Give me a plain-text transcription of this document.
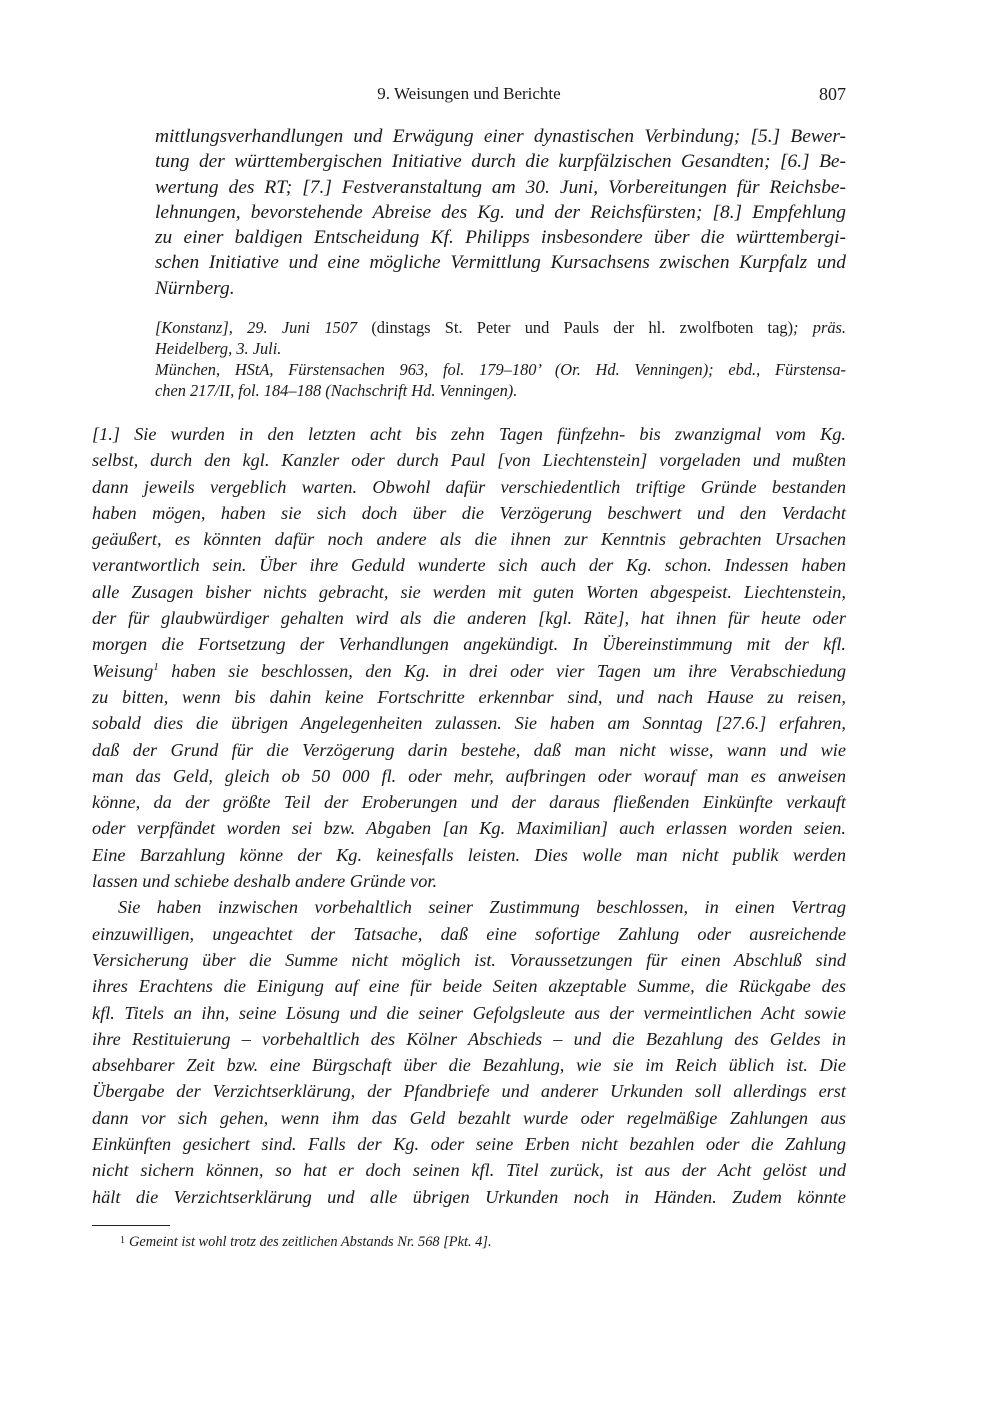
9. Weisungen und Berichte	807
mittlungsverhandlungen und Erwägung einer dynastischen Verbindung; [5.] Bewer-
tung der württembergischen Initiative durch die kurpfälzischen Gesandten; [6.] Be-
wertung des RT; [7.] Festveranstaltung am 30. Juni, Vorbereitungen für Reichsbe-
lehnungen, bevorstehende Abreise des Kg. und der Reichsfürsten; [8.] Empfehlung
zu einer baldigen Entscheidung Kf. Philipps insbesondere über die württembergi-
schen Initiative und eine mögliche Vermittlung Kursachsens zwischen Kurpfalz und
Nürnberg.
[Konstanz], 29. Juni 1507 (dinstags St. Peter und Pauls der hl. zwolfboten tag); präs.
Heidelberg, 3. Juli.
München, HStA, Fürstensachen 963, fol. 179–180’ (Or. Hd. Venningen); ebd., Fürstensa-
chen 217/II, fol. 184–188 (Nachschrift Hd. Venningen).
[1.] Sie wurden in den letzten acht bis zehn Tagen fünfzehn- bis zwanzigmal vom Kg.
selbst, durch den kgl. Kanzler oder durch Paul [von Liechtenstein] vorgeladen und mußten
dann jeweils vergeblich warten. Obwohl dafür verschiedentlich triftige Gründe bestanden
haben mögen, haben sie sich doch über die Verzögerung beschwert und den Verdacht
geäußert, es könnten dafür noch andere als die ihnen zur Kenntnis gebrachten Ursachen
verantwortlich sein. Über ihre Geduld wunderte sich auch der Kg. schon. Indessen haben
alle Zusagen bisher nichts gebracht, sie werden mit guten Worten abgespeist. Liechtenstein,
der für glaubwürdiger gehalten wird als die anderen [kgl. Räte], hat ihnen für heute oder
morgen die Fortsetzung der Verhandlungen angekündigt. In Übereinstimmung mit der kfl.
Weisung$^1$ haben sie beschlossen, den Kg. in drei oder vier Tagen um ihre Verabschiedung
zu bitten, wenn bis dahin keine Fortschritte erkennbar sind, und nach Hause zu reisen,
sobald dies die übrigen Angelegenheiten zulassen. Sie haben am Sonntag [27.6.] erfahren,
daß der Grund für die Verzögerung darin bestehe, daß man nicht wisse, wann und wie
man das Geld, gleich ob 50 000 fl. oder mehr, aufbringen oder worauf man es anweisen
könne, da der größte Teil der Eroberungen und der daraus fließenden Einkünfte verkauft
oder verpfändet worden sei bzw. Abgaben [an Kg. Maximilian] auch erlassen worden seien.
Eine Barzahlung könne der Kg. keinesfalls leisten. Dies wolle man nicht publik werden
lassen und schiebe deshalb andere Gründe vor.
Sie haben inzwischen vorbehaltlich seiner Zustimmung beschlossen, in einen Vertrag
einzuwilligen, ungeachtet der Tatsache, daß eine sofortige Zahlung oder ausreichende
Versicherung über die Summe nicht möglich ist. Voraussetzungen für einen Abschluß sind
ihres Erachtens die Einigung auf eine für beide Seiten akzeptable Summe, die Rückgabe des
kfl. Titels an ihn, seine Lösung und die seiner Gefolgsleute aus der vermeintlichen Acht sowie
ihre Restituierung – vorbehaltlich des Kölner Abschieds – und die Bezahlung des Geldes in
absehbarer Zeit bzw. eine Bürgschaft über die Bezahlung, wie sie im Reich üblich ist. Die
Übergabe der Verzichtserklärung, der Pfandbriefe und anderer Urkunden soll allerdings erst
dann vor sich gehen, wenn ihm das Geld bezahlt wurde oder regelmäßige Zahlungen aus
Einkünften gesichert sind. Falls der Kg. oder seine Erben nicht bezahlen oder die Zahlung
nicht sichern können, so hat er doch seinen kfl. Titel zurück, ist aus der Acht gelöst und
hält die Verzichtserklärung und alle übrigen Urkunden noch in Händen. Zudem könnte
$^1$ Gemeint ist wohl trotz des zeitlichen Abstands Nr. 568 [Pkt. 4].
